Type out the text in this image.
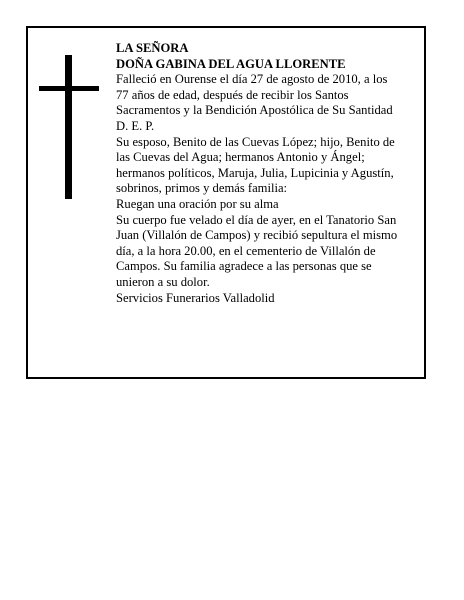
LA SEÑORA
DOÑA GABINA DEL AGUA LLORENTE
Falleció en Ourense el día 27 de agosto de 2010, a los
77 años de edad, después de recibir los Santos
Sacramentos y la Bendición Apostólica de Su Santidad
D. E. P.
Su esposo, Benito de las Cuevas López; hijo, Benito de
las Cuevas del Agua; hermanos Antonio y Ángel;
hermanos políticos, Maruja, Julia, Lupicinia y Agustín,
sobrinos, primos y demás familia:
Ruegan una oración por su alma
Su cuerpo fue velado el día de ayer, en el Tanatorio San
Juan (Villalón de Campos) y recibió sepultura el mismo
día, a la hora 20.00, en el cementerio de Villalón de
Campos. Su familia agradece a las personas que se
unieron a su dolor.
Servicios Funerarios Valladolid
